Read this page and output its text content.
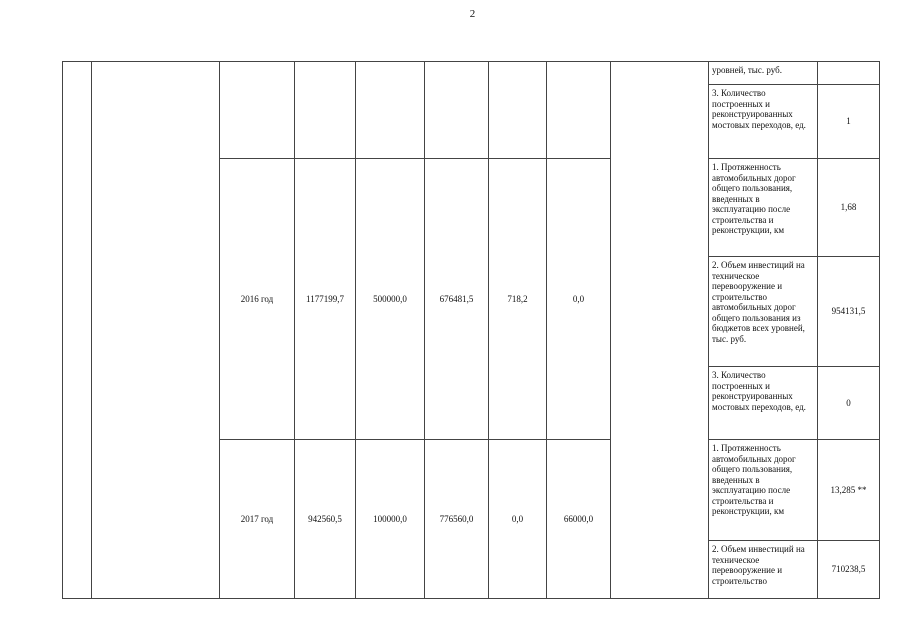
2
									уровней, тыс. руб.	
									3. Количество построенных и реконструированных мостовых переходов, ед.	1
		2016 год	1177199,7	500000,0	676481,5	718,2	0,0		1. Протяженность автомобильных дорог общего пользования, введенных в эксплуатацию после строительства и реконструкции, км	1,68
									2. Объем инвестиций на техническое перевооружение и строительство автомобильных дорог общего пользования из бюджетов всех уровней, тыс. руб.	954131,5
									3. Количество построенных и реконструированных мостовых переходов, ед.	0
		2017 год	942560,5	100000,0	776560,0	0,0	66000,0		1. Протяженность автомобильных дорог общего пользования, введенных в эксплуатацию после строительства и реконструкции, км	13,285 **
									2. Объем инвестиций на техническое перевооружение и строительство	710238,5
